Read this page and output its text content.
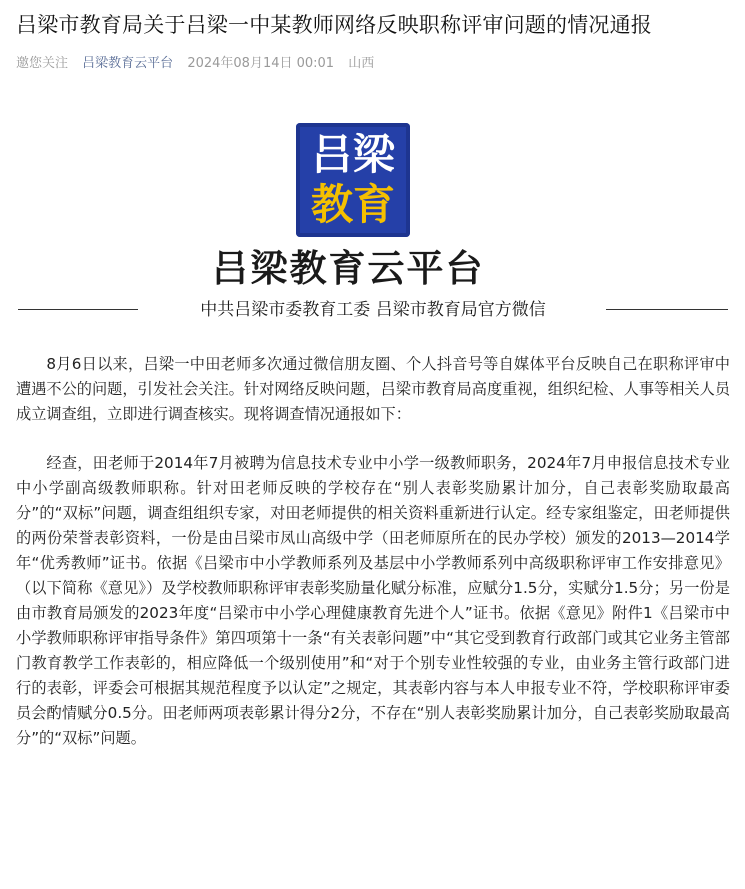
吕梁市教育局关于吕梁一中某教师网络反映职称评审问题的情况通报
邀您关注 吕梁教育云平台 2024年08月14日 00:01 山西
吕梁
教育
吕梁教育云平台
中共吕梁市委教育工委 吕梁市教育局官方微信

8月6日以来，吕梁一中田老师多次通过微信朋友圈、个人抖音号等自媒体平台反映自己在职称评审中遭遇不公的问题，引发社会关注。针对网络反映问题，吕梁市教育局高度重视，组织纪检、人事等相关人员成立调查组，立即进行调查核实。现将调查情况通报如下：

经查，田老师于2014年7月被聘为信息技术专业中小学一级教师职务，2024年7月申报信息技术专业中小学副高级教师职称。针对田老师反映的学校存在“别人表彰奖励累计加分，自己表彰奖励取最高分”的“双标”问题，调查组组织专家，对田老师提供的相关资料重新进行认定。经专家组鉴定，田老师提供的两份荣誉表彰资料，一份是由吕梁市凤山高级中学（田老师原所在的民办学校）颁发的2013—2014学年“优秀教师”证书。依据《吕梁市中小学教师系列及基层中小学教师系列中高级职称评审工作安排意见》（以下简称《意见》）及学校教师职称评审表彰奖励量化赋分标准，应赋分1.5分，实赋分1.5分；另一份是由市教育局颁发的2023年度“吕梁市中小学心理健康教育先进个人”证书。依据《意见》附件1《吕梁市中小学教师职称评审指导条件》第四项第十一条“有关表彰问题”中“其它受到教育行政部门或其它业务主管部门教育教学工作表彰的，相应降低一个级别使用”和“对于个别专业性较强的专业，由业务主管行政部门进行的表彰，评委会可根据其规范程度予以认定”之规定，其表彰内容与本人申报专业不符，学校职称评审委员会酌情赋分0.5分。田老师两项表彰累计得分2分，不存在“别人表彰奖励累计加分，自己表彰奖励取最高分”的“双标”问题。
